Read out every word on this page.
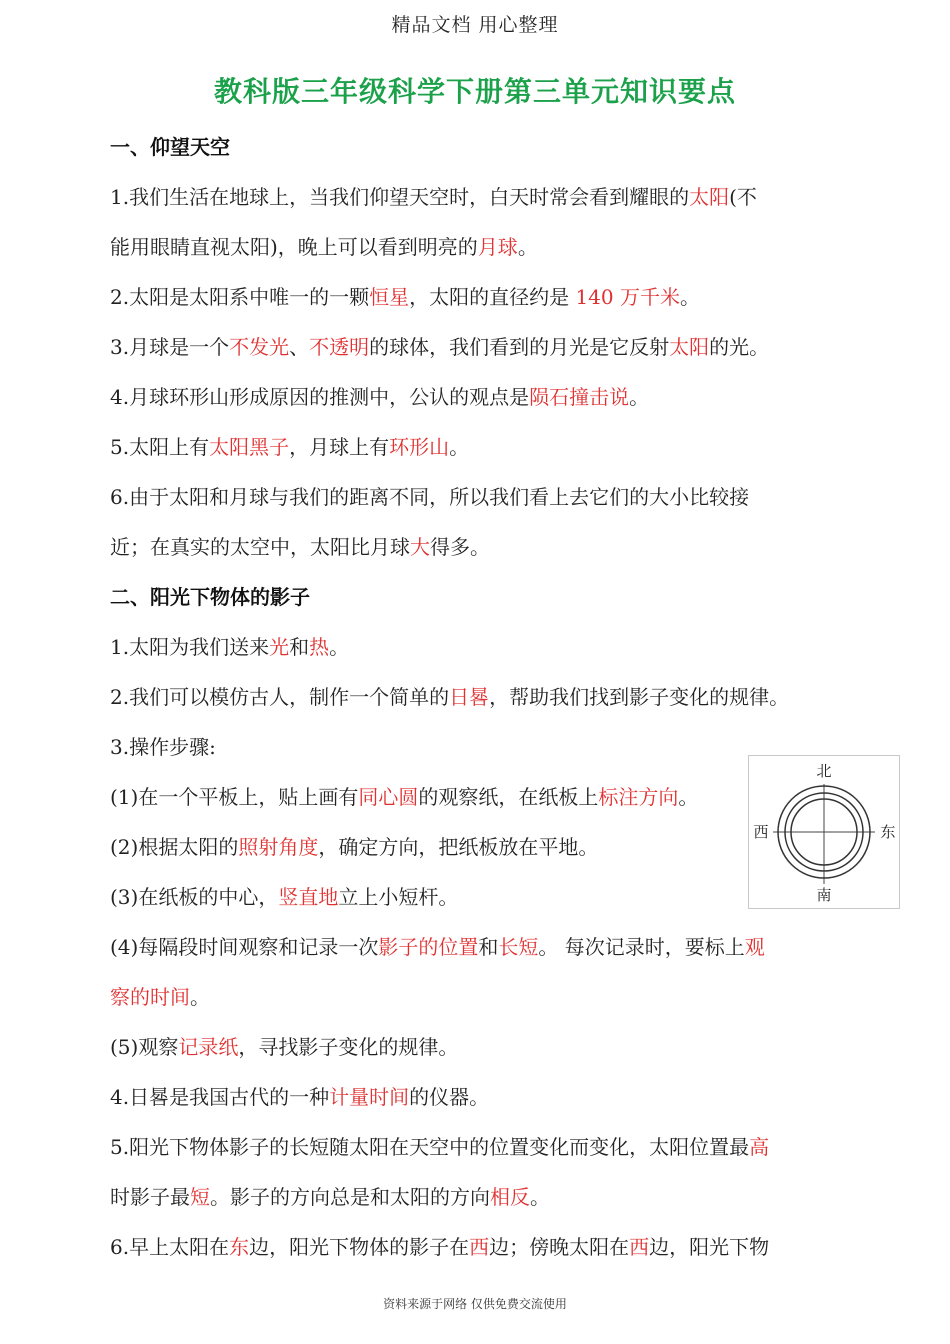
精品文档 用心整理
教科版三年级科学下册第三单元知识要点
一、仰望天空
1.我们生活在地球上，当我们仰望天空时，白天时常会看到耀眼的太阳(不
能用眼睛直视太阳)，晚上可以看到明亮的月球。
2.太阳是太阳系中唯一的一颗恒星，太阳的直径约是 140 万千米。
3.月球是一个不发光、不透明的球体，我们看到的月光是它反射太阳的光。
4.月球环形山形成原因的推测中，公认的观点是陨石撞击说。
5.太阳上有太阳黑子，月球上有环形山。
6.由于太阳和月球与我们的距离不同，所以我们看上去它们的大小比较接
近；在真实的太空中，太阳比月球大得多。
二、阳光下物体的影子
1.太阳为我们送来光和热。
2.我们可以模仿古人，制作一个简单的日晷，帮助我们找到影子变化的规律。
3.操作步骤:
(1)在一个平板上，贴上画有同心圆的观察纸，在纸板上标注方向。
(2)根据太阳的照射角度，确定方向，把纸板放在平地。
(3)在纸板的中心，竖直地立上小短杆。
(4)每隔段时间观察和记录一次影子的位置和长短。 每次记录时，要标上观
察的时间。
(5)观察记录纸，寻找影子变化的规律。
4.日晷是我国古代的一种计量时间的仪器。
5.阳光下物体影子的长短随太阳在天空中的位置变化而变化，太阳位置最高
时影子最短。影子的方向总是和太阳的方向相反。
6.早上太阳在东边，阳光下物体的影子在西边；傍晚太阳在西边，阳光下物
北
南
东
西
资料来源于网络 仅供免费交流使用
